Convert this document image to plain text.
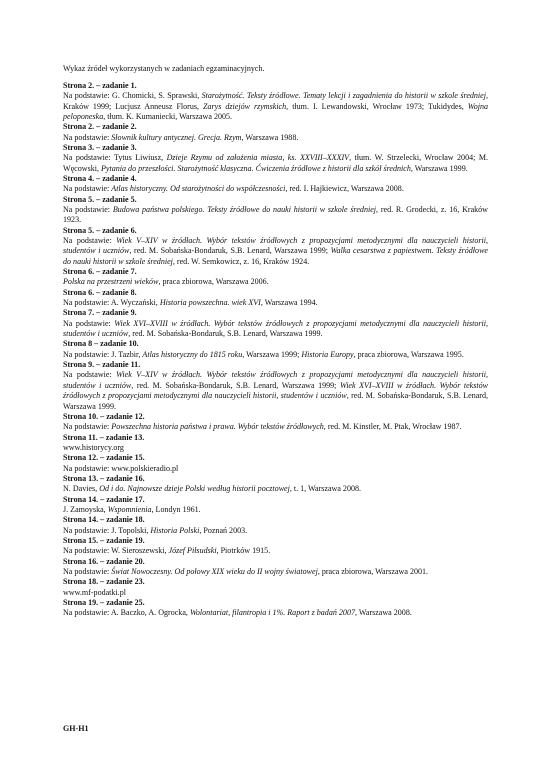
Wykaz źródeł wykorzystanych w zadaniach egzaminacyjnych.
Strona 2. – zadanie 1.
Na podstawie: G. Chomicki, S. Sprawski, Starożytność. Teksty źródłowe. Tematy lekcji i zagadnienia do historii w szkole średniej, Kraków 1999; Lucjusz Anneusz Florus, Zarys dziejów rzymskich, tłum. I. Lewandowski, Wrocław 1973; Tukidydes, Wojna peloponeska, tłum. K. Kumaniecki, Warszawa 2005.
Strona 2. – zadanie 2.
Na podstawie: Słownik kultury antycznej. Grecja. Rzym, Warszawa 1988.
Strona 3. – zadanie 3.
Na podstawie: Tytus Liwiusz, Dzieje Rzymu od założenia miasta, ks. XXVIII–XXXIV, tłum. W. Strzelecki, Wrocław 2004; M. Węcowski, Pytania do przeszłości. Starożytność klasyczna. Ćwiczenia źródłowe z historii dla szkół średnich, Warszawa 1999.
Strona 4. – zadanie 4.
Na podstawie: Atlas historyczny. Od starożytności do współczesności, red. I. Hajkiewicz, Warszawa 2008.
Strona 5. – zadanie 5.
Na podstawie: Budowa państwa polskiego. Teksty źródłowe do nauki historii w szkole średniej, red. R. Grodecki, z. 16, Kraków 1923.
Strona 5. – zadanie 6.
Na podstawie: Wiek V–XIV w źródłach. Wybór tekstów źródłowych z propozycjami metodycznymi dla nauczycieli historii, studentów i uczniów, red. M. Sobańska-Bondaruk, S.B. Lenard, Warszawa 1999; Walka cesarstwa z papiestwem. Teksty źródłowe do nauki historii w szkole średniej, red. W. Semkowicz, z. 16, Kraków 1924.
Strona 6. – zadanie 7.
Polska na przestrzeni wieków, praca zbiorowa, Warszawa 2006.
Strona 6. – zadanie 8.
Na podstawie: A. Wyczański, Historia powszechna. wiek XVI, Warszawa 1994.
Strona 7. – zadanie 9.
Na podstawie: Wiek XVI–XVIII w źródłach. Wybór tekstów źródłowych z propozycjami metodycznymi dla nauczycieli historii, studentów i uczniów, red. M. Sobańska-Bondaruk, S.B. Lenard, Warszawa 1999.
Strona 8 – zadanie 10.
Na podstawie: J. Tazbir, Atlas historyczny do 1815 roku, Warszawa 1999; Historia Europy, praca zbiorowa, Warszawa 1995.
Strona 9. – zadanie 11.
Na podstawie: Wiek V–XIV w źródłach. Wybór tekstów źródłowych z propozycjami metodycznymi dla nauczycieli historii, studentów i uczniów, red. M. Sobańska-Bondaruk, S.B. Lenard, Warszawa 1999; Wiek XVI–XVIII w źródłach. Wybór tekstów źródłowych z propozycjami metodycznymi dla nauczycieli historii, studentów i uczniów, red. M. Sobańska-Bondaruk, S.B. Lenard, Warszawa 1999.
Strona 10. – zadanie 12.
Na podstawie: Powszechna historia państwa i prawa. Wybór tekstów źródłowych, red. M. Kinstler, M. Ptak, Wrocław 1987.
Strona 11. – zadanie 13.
www.historycy.org
Strona 12. – zadanie 15.
Na podstawie: www.polskieradio.pl
Strona 13. – zadanie 16.
N. Davies, Od i do. Najnowsze dzieje Polski według historii pocztowej, t. 1, Warszawa 2008.
Strona 14. – zadanie 17.
J. Zamoyska, Wspomnienia, Londyn 1961.
Strona 14. – zadanie 18.
Na podstawie: J. Topolski, Historia Polski, Poznań 2003.
Strona 15. – zadanie 19.
Na podstawie: W. Sieroszewski, Józef Piłsudski, Piotrków 1915.
Strona 16. – zadanie 20.
Na podstawie: Świat Nowoczesny. Od połowy XIX wieku do II wojny światowej, praca zbiorowa, Warszawa 2001.
Strona 18. – zadanie 23.
www.mf-podatki.pl
Strona 19. – zadanie 25.
Na podstawie: A. Baczko, A. Ogrocka, Wolontariat, filantropia i 1%. Raport z badań 2007, Warszawa 2008.
GH-H1
